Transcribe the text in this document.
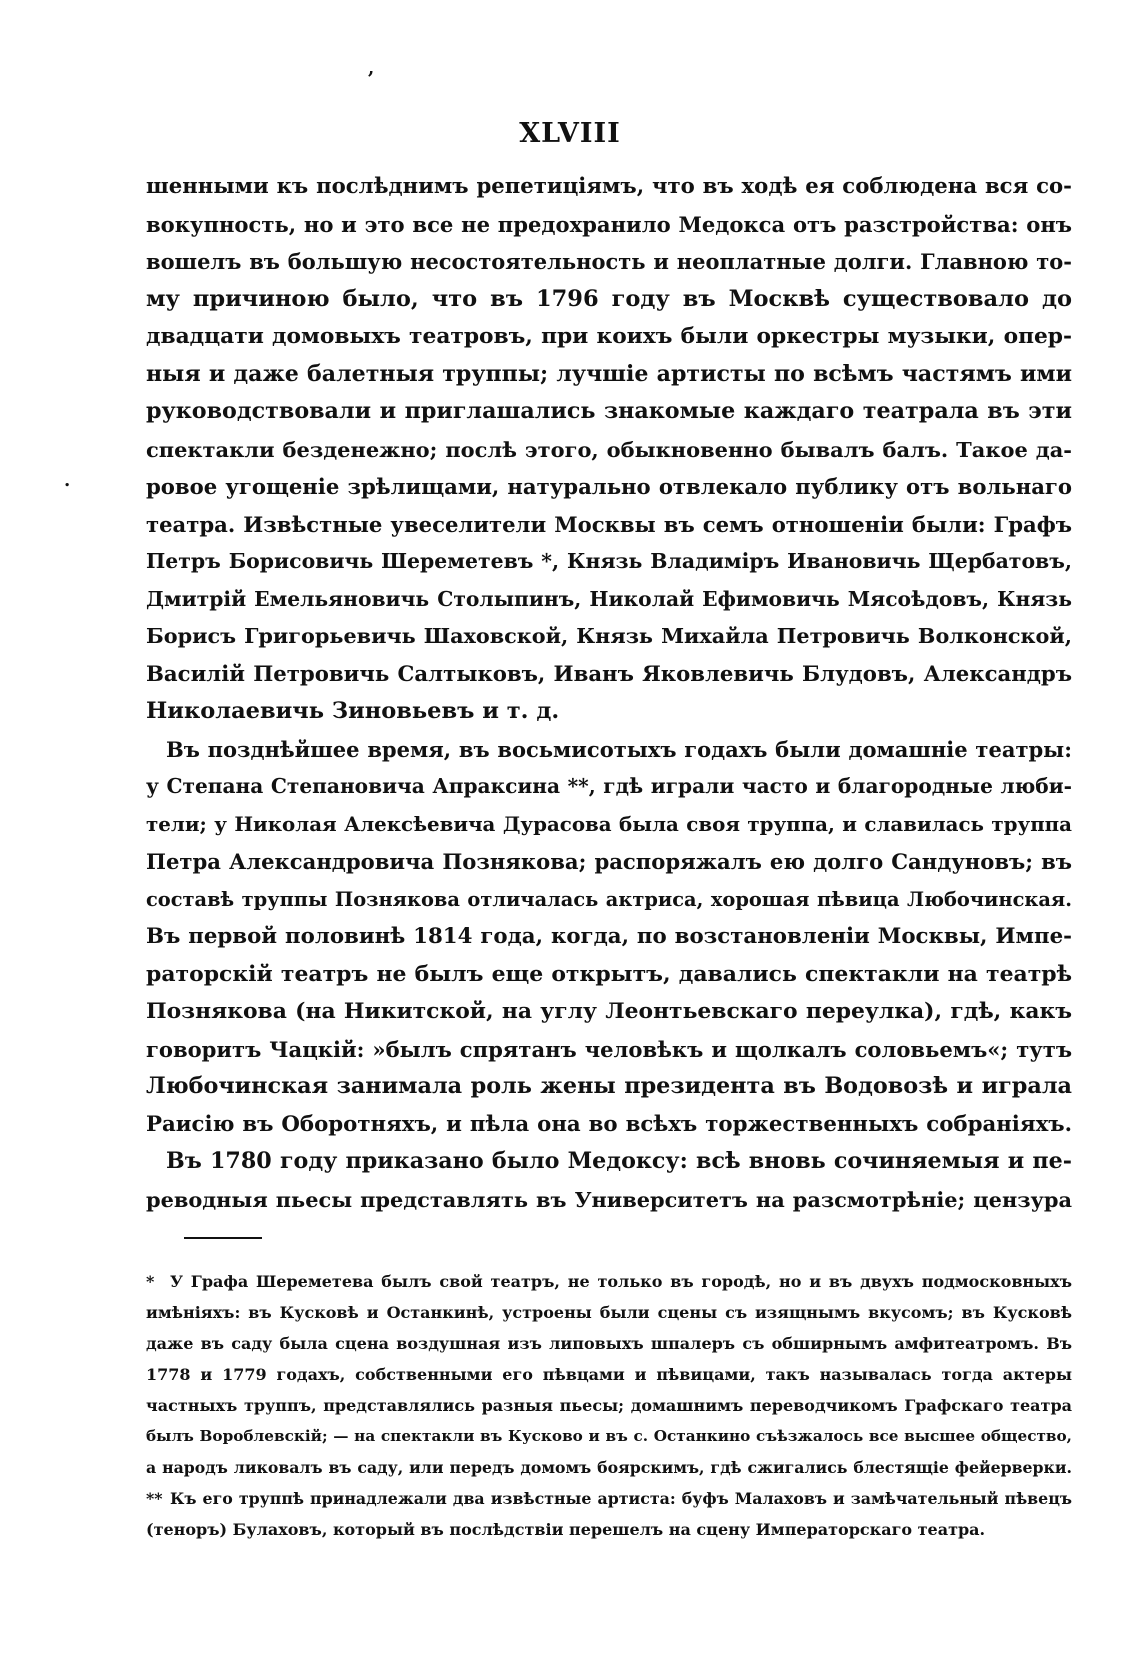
,
.
XLVIII
шенными къ послѣднимъ репетиціямъ, что въ ходѣ ея соблюдена вся со-
вокупность, но и это все не предохранило Медокса отъ разстройства: онъ
вошелъ въ большую несостоятельность и неоплатные долги. Главною то-
му причиною было, что въ 1796 году въ Москвѣ существовало до
двадцати домовыхъ театровъ, при коихъ были оркестры музыки, опер-
ныя и даже балетныя труппы; лучшіе артисты по всѣмъ частямъ ими
руководствовали и приглашались знакомые каждаго театрала въ эти
спектакли безденежно; послѣ этого, обыкновенно бывалъ балъ. Такое да-
ровое угощеніе зрѣлищами, натурально отвлекало публику отъ вольнаго
театра. Извѣстные увеселители Москвы въ семъ отношеніи были: Графъ
Петръ Борисовичь Шереметевъ *, Князь Владиміръ Ивановичь Щербатовъ,
Дмитрій Емельяновичь Столыпинъ, Николай Ефимовичь Мясоѣдовъ, Князь
Борисъ Григорьевичь Шаховской, Князь Михайла Петровичь Волконской,
Василій Петровичь Салтыковъ, Иванъ Яковлевичь Блудовъ, Александръ
Николаевичь Зиновьевъ и т. д.
Въ позднѣйшее время, въ восьмисотыхъ годахъ были домашніе театры:
у Степана Степановича Апраксина **, гдѣ играли часто и благородные люби-
тели; у Николая Алексѣевича Дурасова была своя труппа, и славилась труппа
Петра Александровича Познякова; распоряжалъ ею долго Сандуновъ; въ
составѣ труппы Познякова отличалась актриса, хорошая пѣвица Любочинская.
Въ первой половинѣ 1814 года, когда, по возстановленіи Москвы, Импе-
раторскій театръ не былъ еще открытъ, давались спектакли на театрѣ
Познякова (на Никитской, на углу Леонтьевскаго переулка), гдѣ, какъ
говоритъ Чацкій: »былъ спрятанъ человѣкъ и щолкалъ соловьемъ«; тутъ
Любочинская занимала роль жены президента въ Водовозѣ и играла
Раисію въ Оборотняхъ, и пѣла она во всѣхъ торжественныхъ собраніяхъ.
Въ 1780 году приказано было Медоксу: всѣ вновь сочиняемыя и пе-
реводныя пьесы представлять въ Университетъ на разсмотрѣніе; цензура
* У Графа Шереметева былъ свой театръ, не только въ городѣ, но и въ двухъ подмосковныхъ
имѣніяхъ: въ Кусковѣ и Останкинѣ, устроены были сцены съ изящнымъ вкусомъ; въ Кусковѣ
даже въ саду была сцена воздушная изъ липовыхъ шпалеръ съ обширнымъ амфитеатромъ. Въ
1778 и 1779 годахъ, собственными его пѣвцами и пѣвицами, такъ называлась тогда актеры
частныхъ труппъ, представлялись разныя пьесы; домашнимъ переводчикомъ Графскаго театра
былъ Вороблевскій; — на спектакли въ Кусково и въ с. Останкино съѣзжалось все высшее общество,
а народъ ликовалъ въ саду, или передъ домомъ боярскимъ, гдѣ сжигались блестящіе фейерверки.
** Къ его труппѣ принадлежали два извѣстные артиста: буфъ Малаховъ и замѣчательный пѣвецъ
(теноръ) Булаховъ, который въ послѣдствіи перешелъ на сцену Императорскаго театра.
